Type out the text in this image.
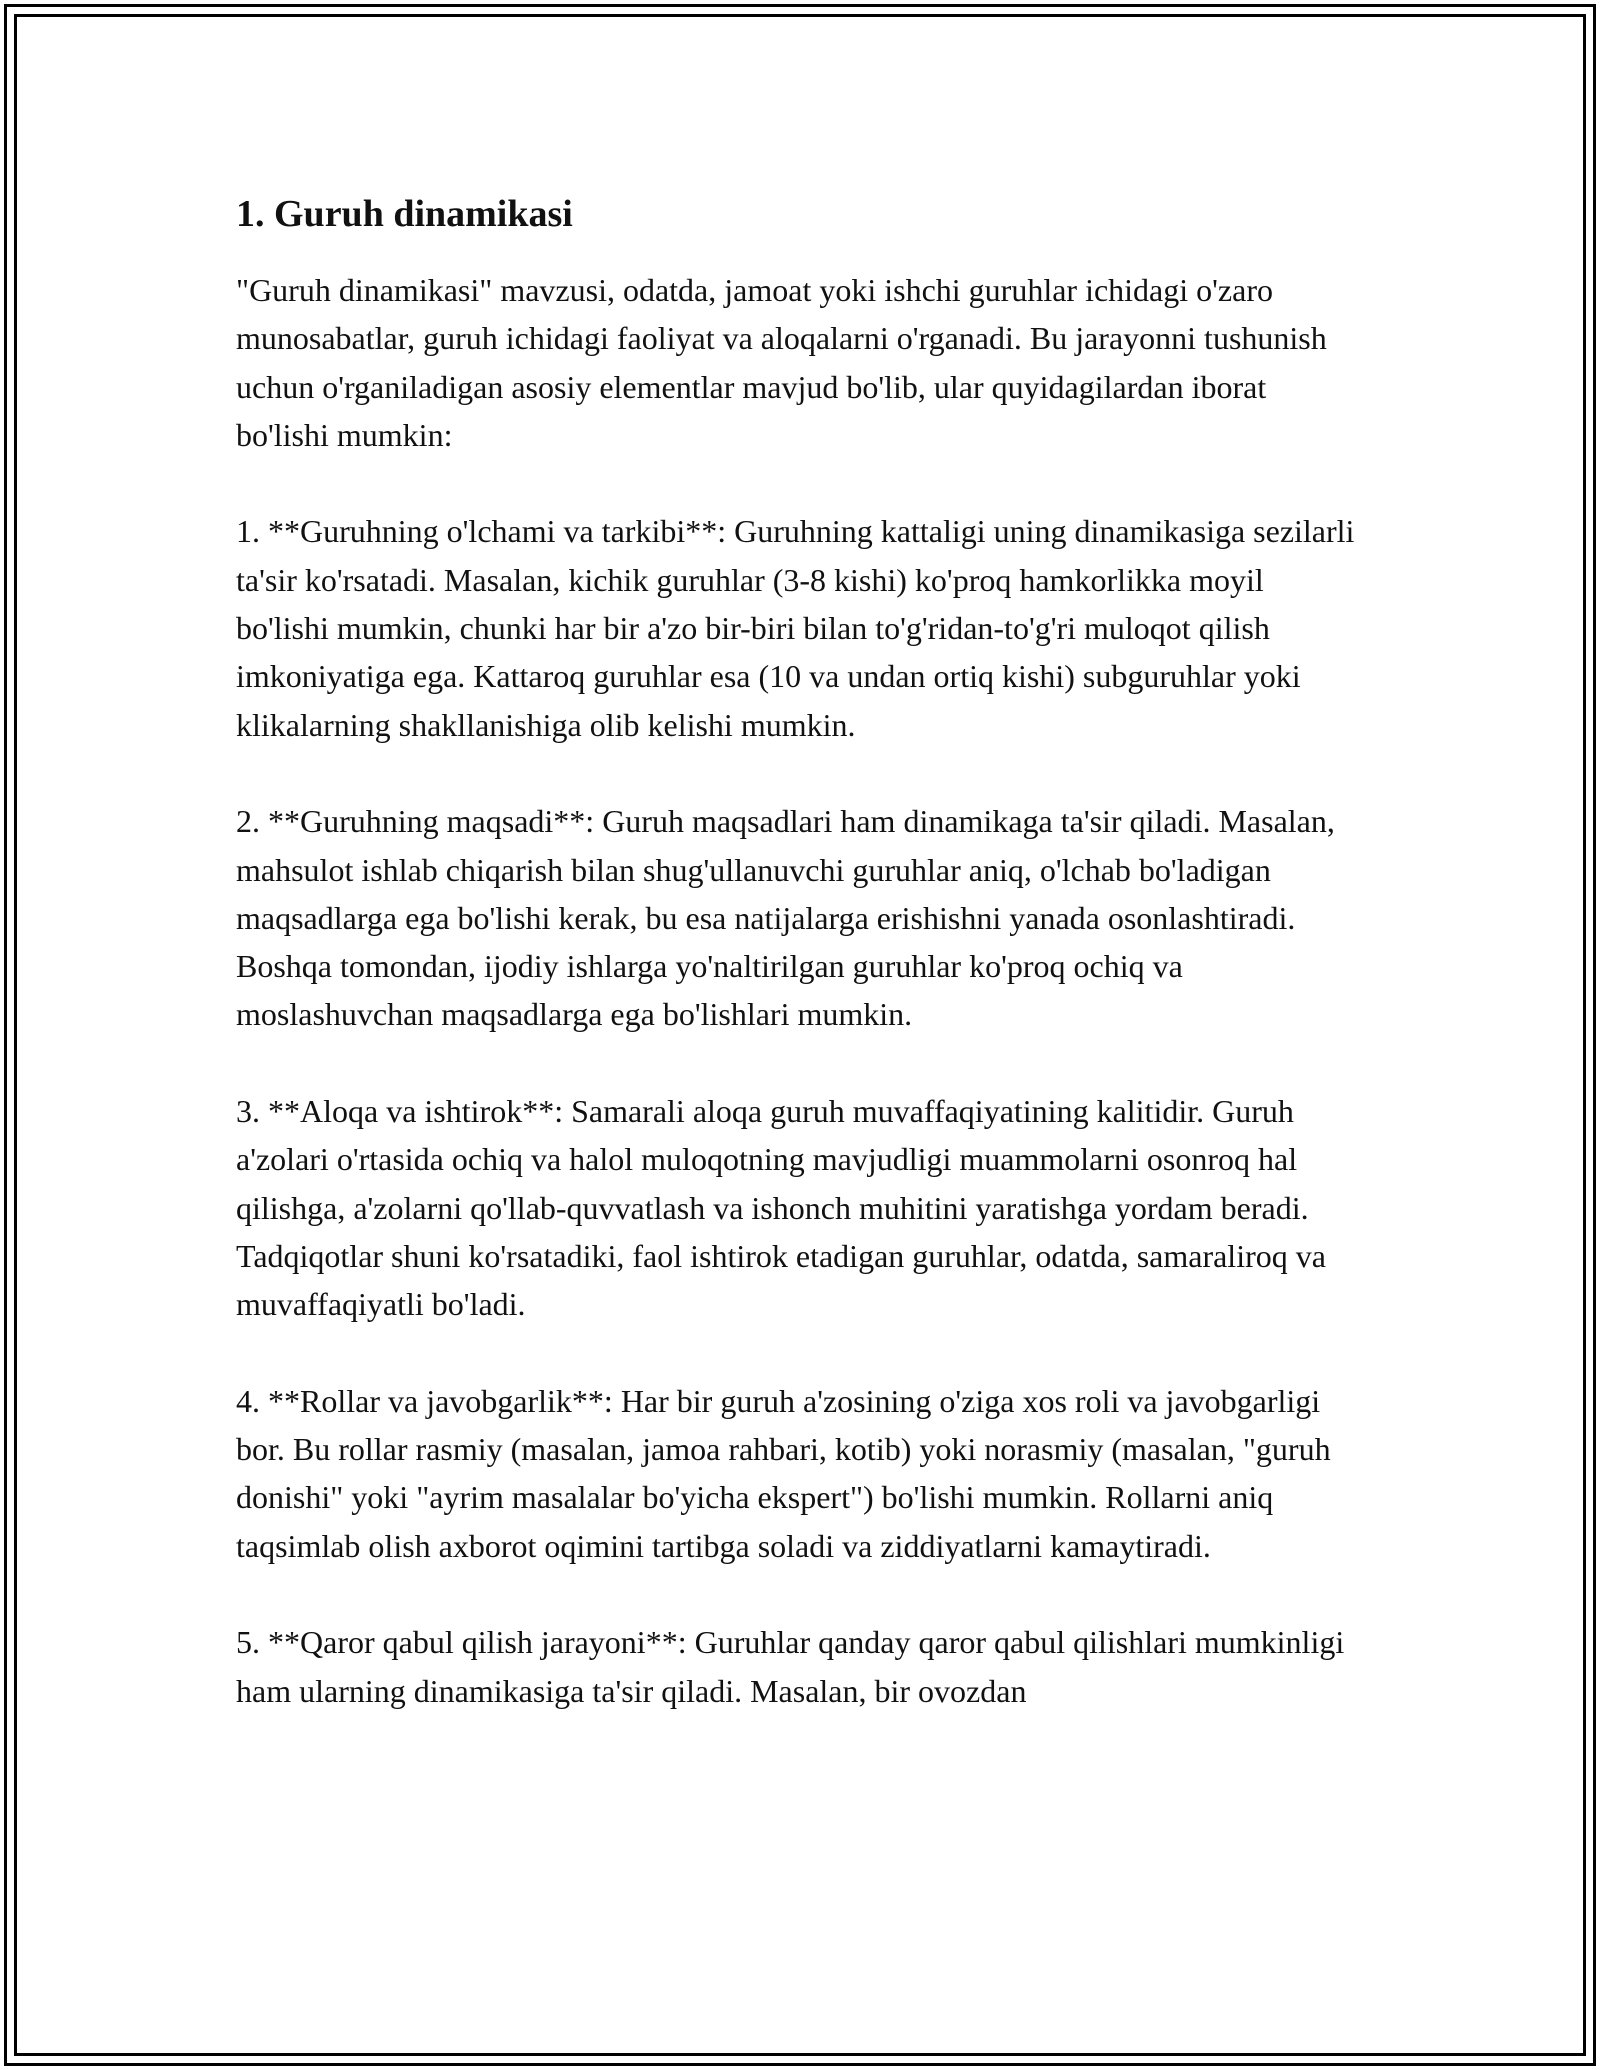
1. Guruh dinamikasi

"Guruh dinamikasi" mavzusi, odatda, jamoat yoki ishchi guruhlar ichidagi o'zaro munosabatlar, guruh ichidagi faoliyat va aloqalarni o'rganadi. Bu jarayonni tushunish uchun o'rganiladigan asosiy elementlar mavjud bo'lib, ular quyidagilardan iborat bo'lishi mumkin:

1. **Guruhning o'lchami va tarkibi**: Guruhning kattaligi uning dinamikasiga sezilarli ta'sir ko'rsatadi. Masalan, kichik guruhlar (3-8 kishi) ko'proq hamkorlikka moyil bo'lishi mumkin, chunki har bir a'zo bir-biri bilan to'g'ridan-to'g'ri muloqot qilish imkoniyatiga ega. Kattaroq guruhlar esa (10 va undan ortiq kishi) subguruhlar yoki klikalarning shakllanishiga olib kelishi mumkin.

2. **Guruhning maqsadi**: Guruh maqsadlari ham dinamikaga ta'sir qiladi. Masalan, mahsulot ishlab chiqarish bilan shug'ullanuvchi guruhlar aniq, o'lchab bo'ladigan maqsadlarga ega bo'lishi kerak, bu esa natijalarga erishishni yanada osonlashtiradi. Boshqa tomondan, ijodiy ishlarga yo'naltirilgan guruhlar ko'proq ochiq va moslashuvchan maqsadlarga ega bo'lishlari mumkin.

3. **Aloqa va ishtirok**: Samarali aloqa guruh muvaffaqiyatining kalitidir. Guruh a'zolari o'rtasida ochiq va halol muloqotning mavjudligi muammolarni osonroq hal qilishga, a'zolarni qo'llab-quvvatlash va ishonch muhitini yaratishga yordam beradi. Tadqiqotlar shuni ko'rsatadiki, faol ishtirok etadigan guruhlar, odatda, samaraliroq va muvaffaqiyatli bo'ladi.

4. **Rollar va javobgarlik**: Har bir guruh a'zosining o'ziga xos roli va javobgarligi bor. Bu rollar rasmiy (masalan, jamoa rahbari, kotib) yoki norasmiy (masalan, "guruh donishi" yoki "ayrim masalalar bo'yicha ekspert") bo'lishi mumkin. Rollarni aniq taqsimlab olish axborot oqimini tartibga soladi va ziddiyatlarni kamaytiradi.

5. **Qaror qabul qilish jarayoni**: Guruhlar qanday qaror qabul qilishlari mumkinligi ham ularning dinamikasiga ta'sir qiladi. Masalan, bir ovozdan
